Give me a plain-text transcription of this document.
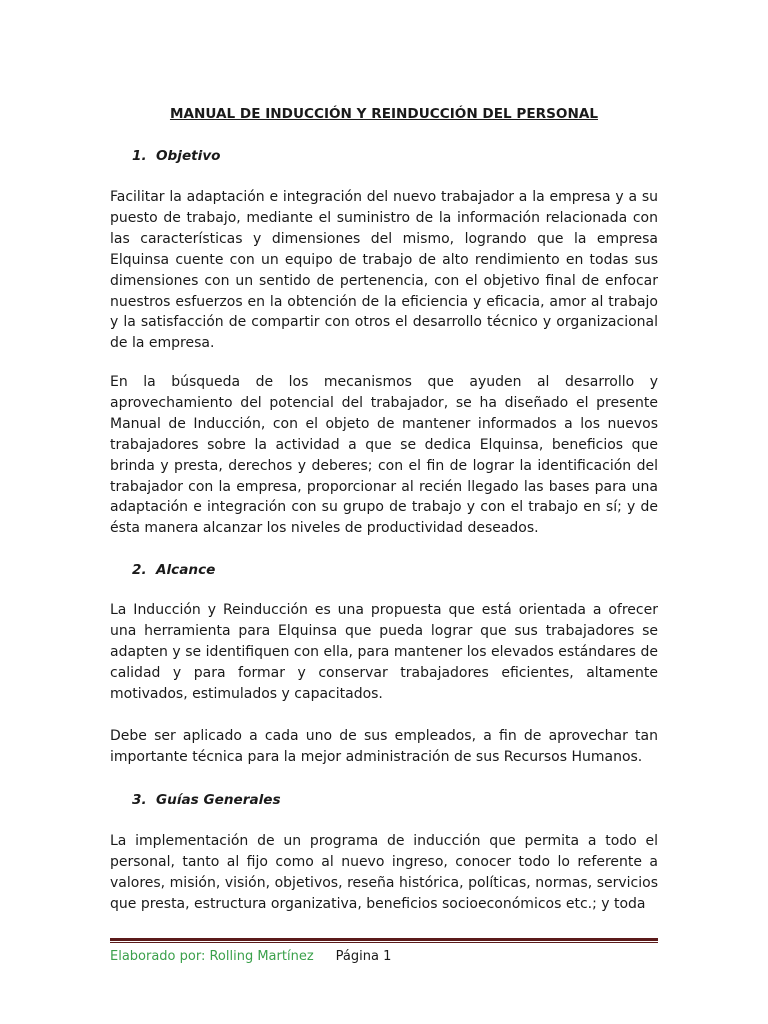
MANUAL DE INDUCCIÓN Y REINDUCCIÓN DEL PERSONAL
1. Objetivo
Facilitar la adaptación e integración del nuevo trabajador a la empresa y a su puesto de trabajo, mediante el suministro de la información relacionada con las características y dimensiones del mismo, logrando que la empresa Elquinsa cuente con un equipo de trabajo de alto rendimiento en todas sus dimensiones con un sentido de pertenencia, con el objetivo final de enfocar nuestros esfuerzos en la obtención de la eficiencia y eficacia, amor al trabajo y la satisfacción de compartir con otros el desarrollo técnico y organizacional de la empresa.
En la búsqueda de los mecanismos que ayuden al desarrollo y aprovechamiento del potencial del trabajador, se ha diseñado el presente Manual de Inducción, con el objeto de mantener informados a los nuevos trabajadores sobre la actividad a que se dedica Elquinsa, beneficios que brinda y presta, derechos y deberes; con el fin de lograr la identificación del trabajador con la empresa, proporcionar al recién llegado las bases para una adaptación e integración con su grupo de trabajo y con el trabajo en sí; y de ésta manera alcanzar los niveles de productividad deseados.
2. Alcance
La Inducción y Reinducción es una propuesta que está orientada a ofrecer una herramienta para Elquinsa que pueda lograr que sus trabajadores se adapten y se identifiquen con ella, para mantener los elevados estándares de calidad y para formar y conservar trabajadores eficientes, altamente motivados, estimulados y capacitados.
Debe ser aplicado a cada uno de sus empleados, a fin de aprovechar tan importante técnica para la mejor administración de sus Recursos Humanos.
3. Guías Generales
La implementación de un programa de inducción que permita a todo el personal, tanto al fijo como al nuevo ingreso, conocer todo lo referente a valores, misión, visión, objetivos, reseña histórica, políticas, normas, servicios que presta, estructura organizativa, beneficios socioeconómicos etc.; y toda
Elaborado por: Rolling Martínez Página 1
